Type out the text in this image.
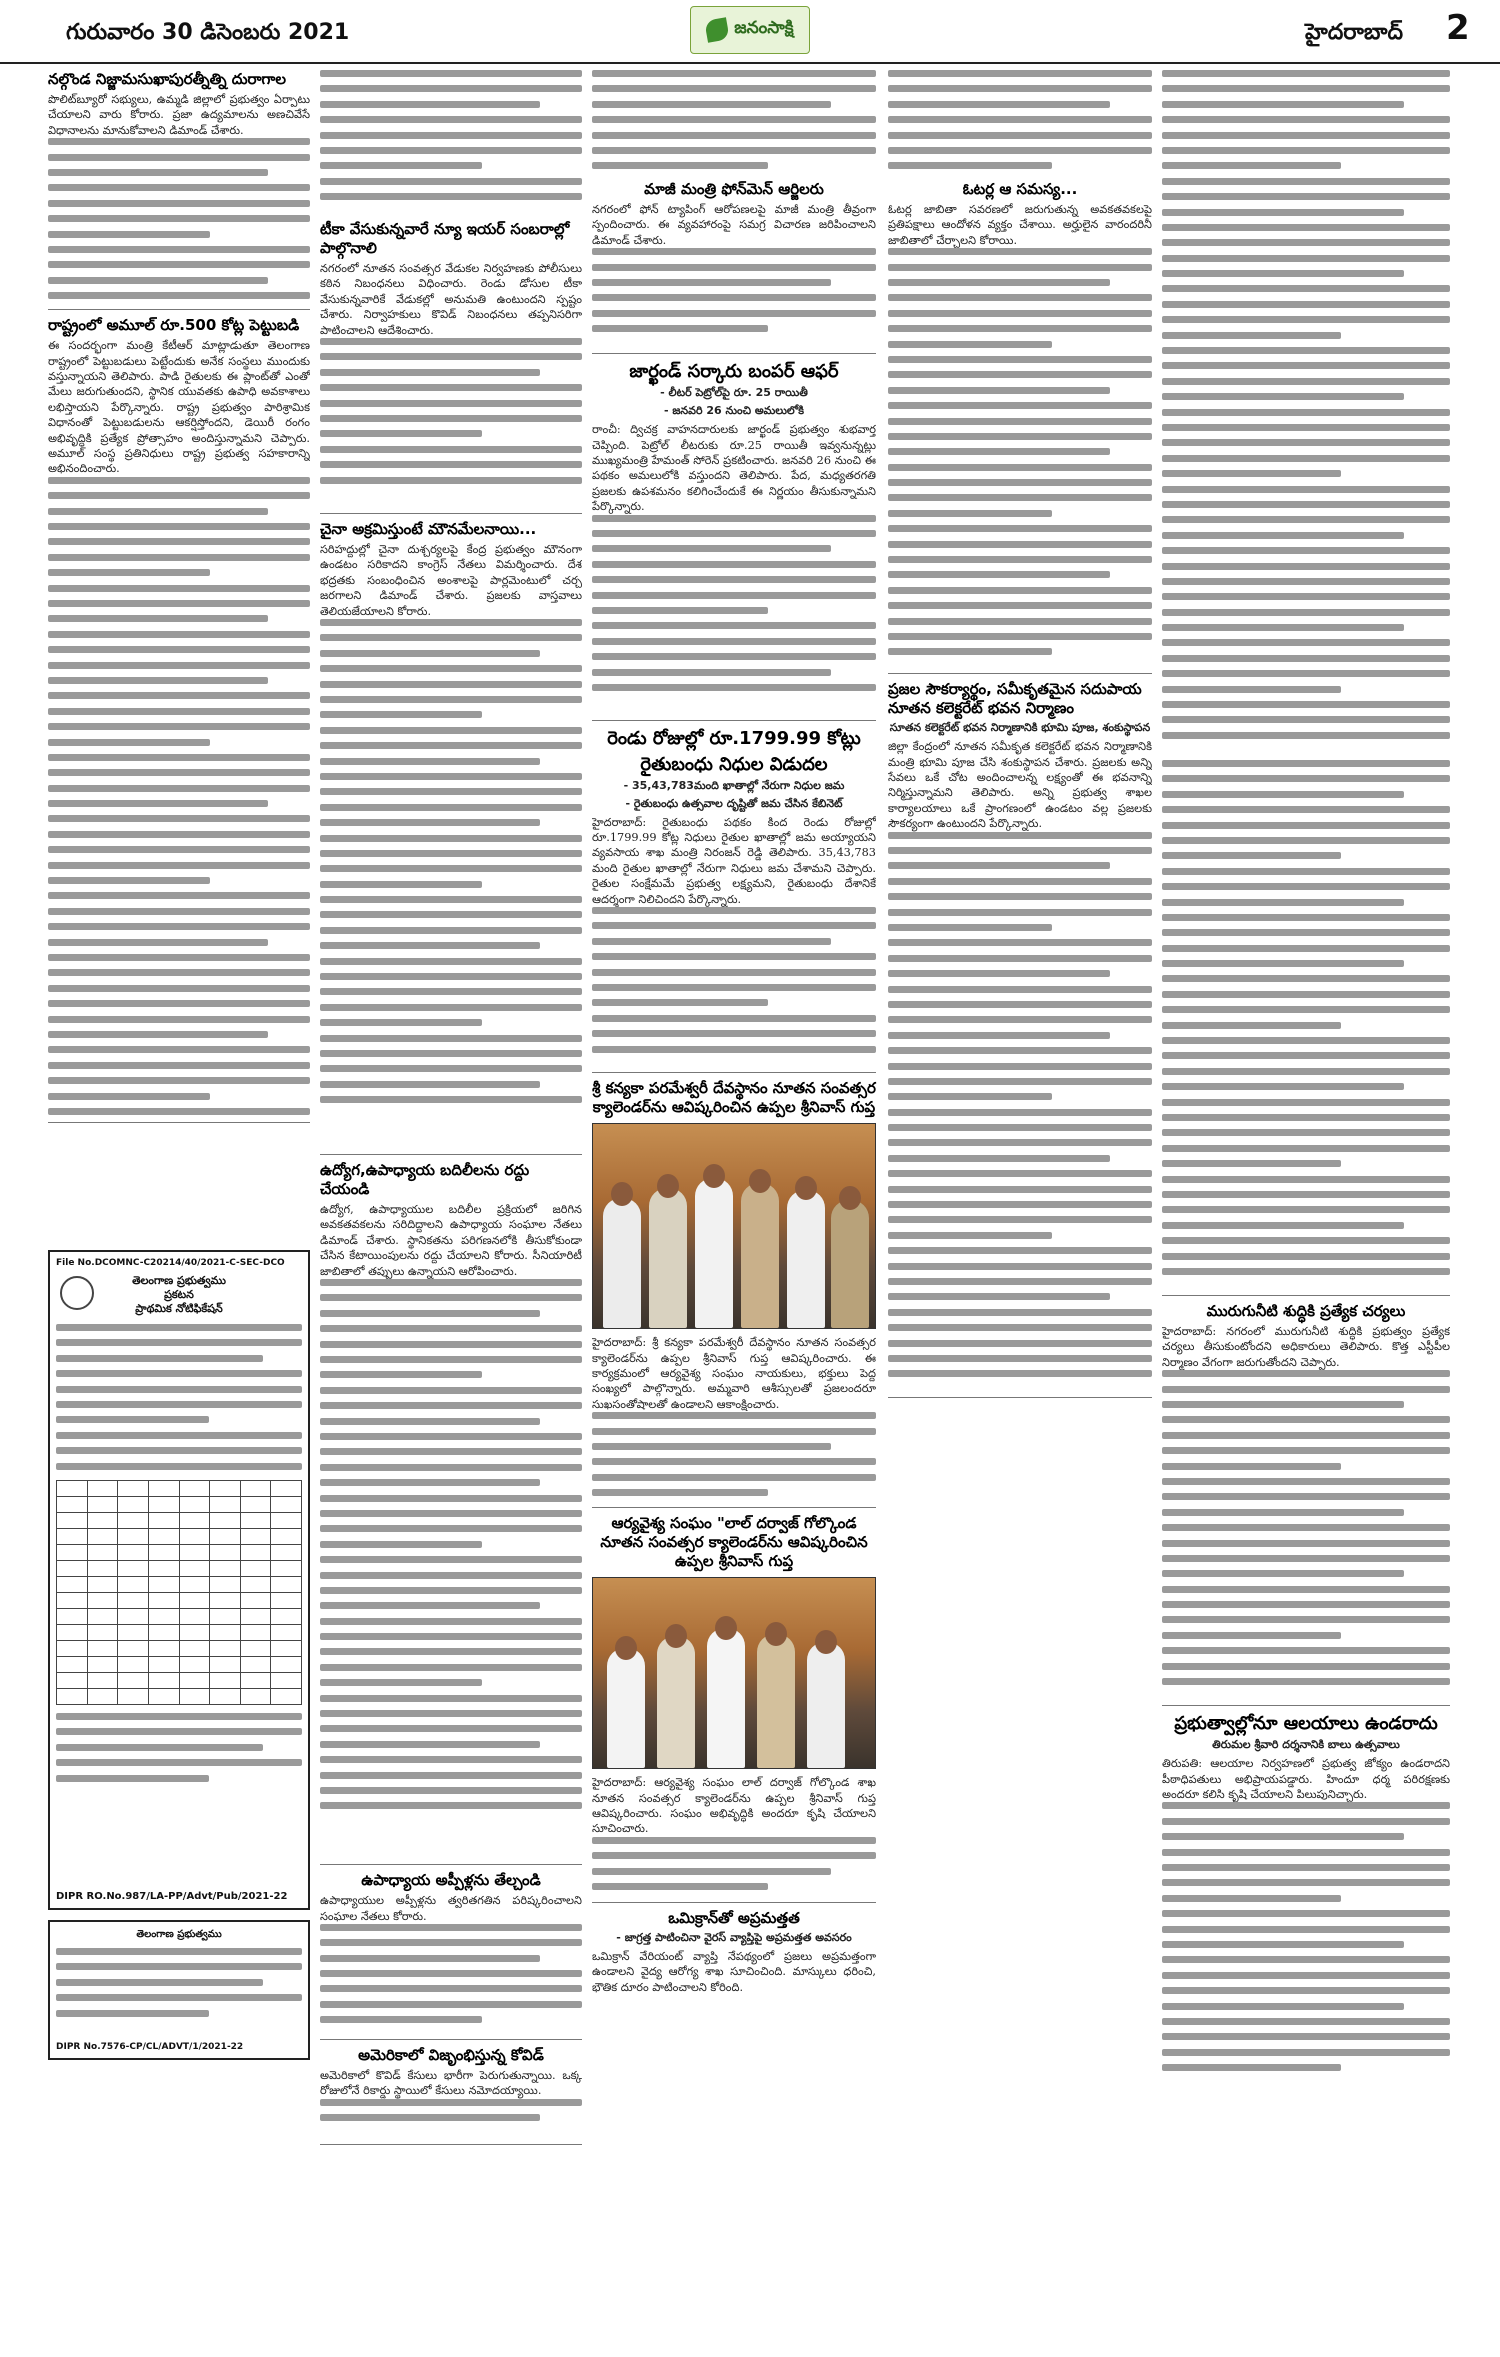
గురువారం 30 డిసెంబరు 2021	జనంసాక్షి	హైదరాబాద్ 2
నల్గొండ నిజ్జామసుఖాపురత్నీత్ని దురాగాల
పొలిట్‌బ్యూరో సభ్యులు, ఉమ్మడి జిల్లాలో ప్రభుత్వం ఏర్పాటు చేయాలని వారు కోరారు. ప్రజా ఉద్యమాలను అణచివేసే విధానాలను మానుకోవాలని డిమాండ్ చేశారు.
రాష్ట్రంలో అమూల్ రూ.500 కోట్ల పెట్టుబడి
ఈ సందర్భంగా మంత్రి కేటీఆర్ మాట్లాడుతూ తెలంగాణ రాష్ట్రంలో పెట్టుబడులు పెట్టేందుకు అనేక సంస్థలు ముందుకు వస్తున్నాయని తెలిపారు. పాడి రైతులకు ఈ ప్లాంట్‌తో ఎంతో మేలు జరుగుతుందని, స్థానిక యువతకు ఉపాధి అవకాశాలు లభిస్తాయని పేర్కొన్నారు. రాష్ట్ర ప్రభుత్వం పారిశ్రామిక విధానంతో పెట్టుబడులను ఆకర్షిస్తోందని, డెయిరీ రంగం అభివృద్ధికి ప్రత్యేక ప్రోత్సాహం అందిస్తున్నామని చెప్పారు. అమూల్ సంస్థ ప్రతినిధులు రాష్ట్ర ప్రభుత్వ సహకారాన్ని అభినందించారు.
File No.DCOMNC-C20214/40/2021-C-SEC-DCO
తెలంగాణ ప్రభుత్వము
ప్రకటన
ప్రాథమిక నోటిఫికేషన్

DIPR RO.No.987/LA-PP/Advt/Pub/2021-22
తెలంగాణ ప్రభుత్వము
DIPR No.7576-CP/CL/ADVT/1/2021-22
టీకా వేసుకున్నవారే న్యూ ఇయర్ సంబరాల్లో పాల్గొనాలి
నగరంలో నూతన సంవత్సర వేడుకల నిర్వహణకు పోలీసులు కఠిన నిబంధనలు విధించారు. రెండు డోసుల టీకా వేసుకున్నవారికే వేడుకల్లో అనుమతి ఉంటుందని స్పష్టం చేశారు. నిర్వాహకులు కొవిడ్ నిబంధనలు తప్పనిసరిగా పాటించాలని ఆదేశించారు.
చైనా అక్రమిస్తుంటే మౌనమేలనాయి...
సరిహద్దుల్లో చైనా దుశ్చర్యలపై కేంద్ర ప్రభుత్వం మౌనంగా ఉండటం సరికాదని కాంగ్రెస్ నేతలు విమర్శించారు. దేశ భద్రతకు సంబంధించిన అంశాలపై పార్లమెంటులో చర్చ జరగాలని డిమాండ్ చేశారు. ప్రజలకు వాస్తవాలు తెలియజేయాలని కోరారు.
ఉద్యోగ,ఉపాధ్యాయ బదిలీలను రద్దు చేయండి
ఉద్యోగ, ఉపాధ్యాయుల బదిలీల ప్రక్రియలో జరిగిన అవకతవకలను సరిదిద్దాలని ఉపాధ్యాయ సంఘాల నేతలు డిమాండ్ చేశారు. స్థానికతను పరిగణనలోకి తీసుకోకుండా చేసిన కేటాయింపులను రద్దు చేయాలని కోరారు. సీనియారిటీ జాబితాలో తప్పులు ఉన్నాయని ఆరోపించారు.
ఉపాధ్యాయ అప్పీళ్లను తేల్చండి
ఉపాధ్యాయుల అప్పీళ్లను త్వరితగతిన పరిష్కరించాలని సంఘాల నేతలు కోరారు.
అమెరికాలో విజృంభిస్తున్న కోవిడ్
అమెరికాలో కొవిడ్ కేసులు భారీగా పెరుగుతున్నాయి. ఒక్క రోజులోనే రికార్డు స్థాయిలో కేసులు నమోదయ్యాయి.
మాజీ మంత్రి ఫోన్‌మెన్ ఆర్జిలరు
నగరంలో ఫోన్ ట్యాపింగ్ ఆరోపణలపై మాజీ మంత్రి తీవ్రంగా స్పందించారు. ఈ వ్యవహారంపై సమగ్ర విచారణ జరిపించాలని డిమాండ్ చేశారు.
జార్ఖండ్ సర్కారు బంపర్ ఆఫర్
- లీటర్ పెట్రోల్‌పై రూ. 25 రాయితీ
- జనవరి 26 నుంచి అమలులోకి
రాంచీ: ద్విచక్ర వాహనదారులకు జార్ఖండ్ ప్రభుత్వం శుభవార్త చెప్పింది. పెట్రోల్ లీటరుకు రూ.25 రాయితీ ఇవ్వనున్నట్లు ముఖ్యమంత్రి హేమంత్ సోరెన్ ప్రకటించారు. జనవరి 26 నుంచి ఈ పథకం అమలులోకి వస్తుందని తెలిపారు. పేద, మధ్యతరగతి ప్రజలకు ఉపశమనం కలిగించేందుకే ఈ నిర్ణయం తీసుకున్నామని పేర్కొన్నారు.
రెండు రోజుల్లో రూ.1799.99 కోట్లు
రైతుబంధు నిధుల విడుదల
- 35,43,783మంది ఖాతాల్లో నేరుగా నిధుల జమ
- రైతుబంధు ఉత్సవాల దృష్టితో జమ చేసిన కేబినెట్
హైదరాబాద్: రైతుబంధు పథకం కింద రెండు రోజుల్లో రూ.1799.99 కోట్ల నిధులు రైతుల ఖాతాల్లో జమ అయ్యాయని వ్యవసాయ శాఖ మంత్రి నిరంజన్ రెడ్డి తెలిపారు. 35,43,783 మంది రైతుల ఖాతాల్లో నేరుగా నిధులు జమ చేశామని చెప్పారు. రైతుల సంక్షేమమే ప్రభుత్వ లక్ష్యమని, రైతుబంధు దేశానికే ఆదర్శంగా నిలిచిందని పేర్కొన్నారు.
శ్రీ కన్యకా పరమేశ్వరీ దేవస్థానం నూతన సంవత్సర క్యాలెండర్‌ను ఆవిష్కరించిన ఉప్పల శ్రీనివాస్ గుప్త
హైదరాబాద్: శ్రీ కన్యకా పరమేశ్వరీ దేవస్థానం నూతన సంవత్సర క్యాలెండర్‌ను ఉప్పల శ్రీనివాస్ గుప్త ఆవిష్కరించారు. ఈ కార్యక్రమంలో ఆర్యవైశ్య సంఘం నాయకులు, భక్తులు పెద్ద సంఖ్యలో పాల్గొన్నారు. అమ్మవారి ఆశీస్సులతో ప్రజలందరూ సుఖసంతోషాలతో ఉండాలని ఆకాంక్షించారు.
ఆర్యవైశ్య సంఘం "లాల్ దర్వాజ్ గోల్కొండ నూతన సంవత్సర క్యాలెండర్‌ను ఆవిష్కరించిన ఉప్పల శ్రీనివాస్ గుప్త
హైదరాబాద్: ఆర్యవైశ్య సంఘం లాల్ దర్వాజ్ గోల్కొండ శాఖ నూతన సంవత్సర క్యాలెండర్‌ను ఉప్పల శ్రీనివాస్ గుప్త ఆవిష్కరించారు. సంఘం అభివృద్ధికి అందరూ కృషి చేయాలని సూచించారు.
ఒమిక్రాన్‌తో అప్రమత్తత
- జాగ్రత్త పాటించినా వైరస్ వ్యాప్తిపై అప్రమత్తత అవసరం
ఒమిక్రాన్ వేరియంట్ వ్యాప్తి నేపథ్యంలో ప్రజలు అప్రమత్తంగా ఉండాలని వైద్య ఆరోగ్య శాఖ సూచించింది. మాస్కులు ధరించి, భౌతిక దూరం పాటించాలని కోరింది.
ఓటర్ల ఆ సమస్య...
ఓటర్ల జాబితా సవరణలో జరుగుతున్న అవకతవకలపై ప్రతిపక్షాలు ఆందోళన వ్యక్తం చేశాయి. అర్హులైన వారందరినీ జాబితాలో చేర్చాలని కోరాయి.
ప్రజల సౌకర్యార్థం, సమీకృతమైన సదుపాయ నూతన కలెక్టరేట్ భవన నిర్మాణం
సూతన కలెక్టరేట్ భవన నిర్మాణానికి భూమి పూజ, శంకుస్థాపన
జిల్లా కేంద్రంలో నూతన సమీకృత కలెక్టరేట్ భవన నిర్మాణానికి మంత్రి భూమి పూజ చేసి శంకుస్థాపన చేశారు. ప్రజలకు అన్ని సేవలు ఒకే చోట అందించాలన్న లక్ష్యంతో ఈ భవనాన్ని నిర్మిస్తున్నామని తెలిపారు. అన్ని ప్రభుత్వ శాఖల కార్యాలయాలు ఒకే ప్రాంగణంలో ఉండటం వల్ల ప్రజలకు సౌకర్యంగా ఉంటుందని పేర్కొన్నారు.
మురుగునీటి శుద్ధికి ప్రత్యేక చర్యలు
హైదరాబాద్: నగరంలో మురుగునీటి శుద్ధికి ప్రభుత్వం ప్రత్యేక చర్యలు తీసుకుంటోందని అధికారులు తెలిపారు. కొత్త ఎస్టీపీల నిర్మాణం వేగంగా జరుగుతోందని చెప్పారు.
ప్రభుత్వాల్లోనూ ఆలయాలు ఉండరాదు
తిరుమల శ్రీవారి దర్శనానికి బాలు ఉత్సవాలు
తిరుపతి: ఆలయాల నిర్వహణలో ప్రభుత్వ జోక్యం ఉండరాదని పీఠాధిపతులు అభిప్రాయపడ్డారు. హిందూ ధర్మ పరిరక్షణకు అందరూ కలిసి కృషి చేయాలని పిలుపునిచ్చారు.
